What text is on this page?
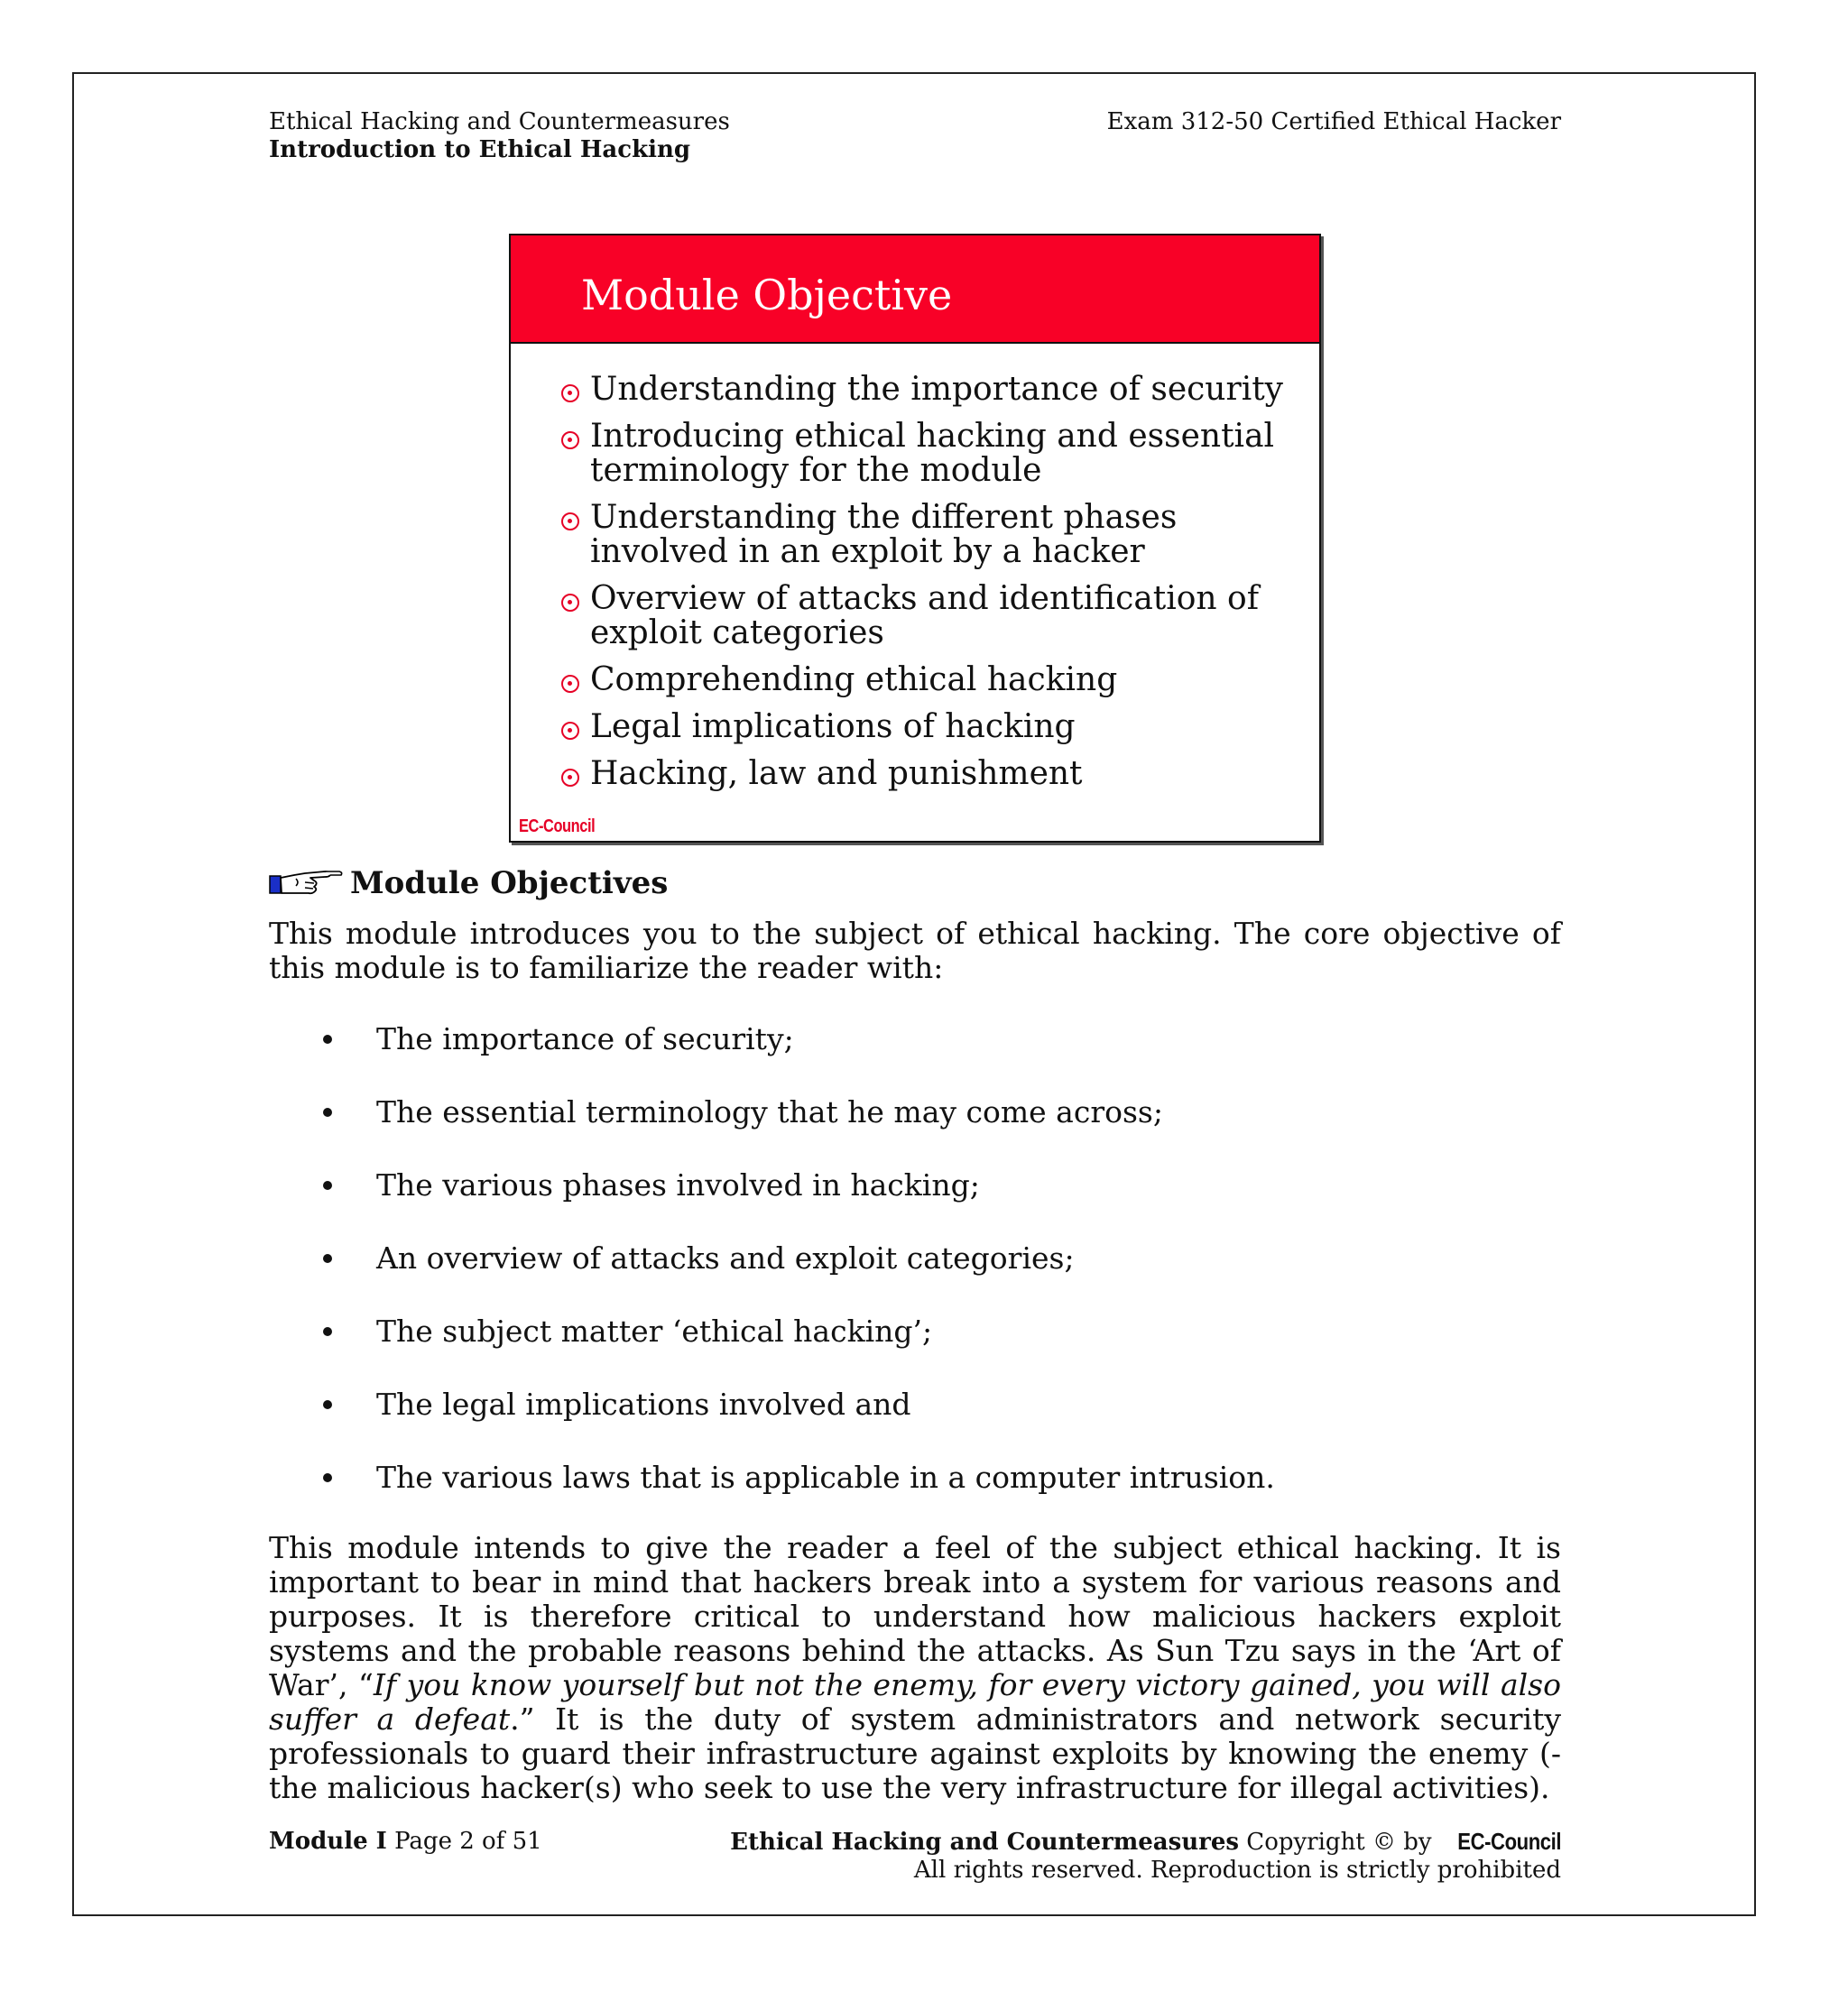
Ethical Hacking and Countermeasures
Introduction to Ethical Hacking
Exam 312-50 Certified Ethical Hacker
Module Objective
Understanding the importance of security
Introducing ethical hacking and essential terminology for the module
Understanding the different phases involved in an exploit by a hacker
Overview of attacks and identification of exploit categories
Comprehending ethical hacking
Legal implications of hacking
Hacking, law and punishment
EC-Council
Module Objectives

This module introduces you to the subject of ethical hacking. The core objective of this module is to familiarize the reader with:

The importance of security;
The essential terminology that he may come across;
The various phases involved in hacking;
An overview of attacks and exploit categories;
The subject matter ‘ethical hacking’;
The legal implications involved and
The various laws that is applicable in a computer intrusion.

This module intends to give the reader a feel of the subject ethical hacking. It is important to bear in mind that hackers break into a system for various reasons and purposes. It is therefore critical to understand how malicious hackers exploit systems and the probable reasons behind the attacks. As Sun Tzu says in the ‘Art of War’, “If you know yourself but not the enemy, for every victory gained, you will also suffer a defeat.” It is the duty of system administrators and network security professionals to guard their infrastructure against exploits by knowing the enemy (-the malicious hacker(s) who seek to use the very infrastructure for illegal activities).

Module I Page 2 of 51	Ethical Hacking and Countermeasures Copyright © by EC-Council
All rights reserved. Reproduction is strictly prohibited
